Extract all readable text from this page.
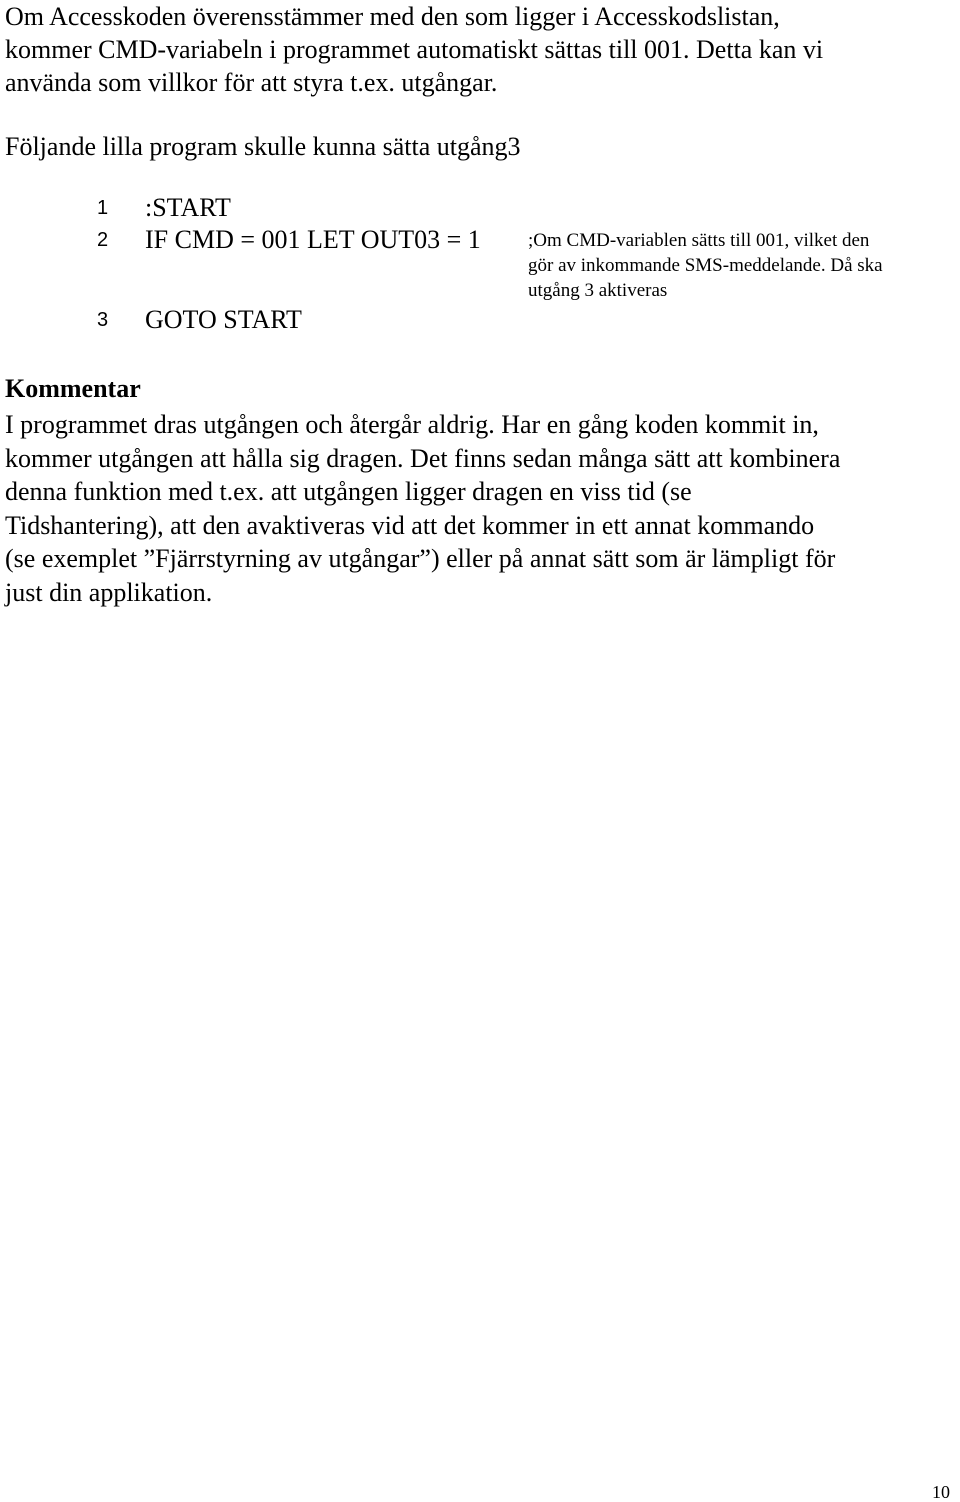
Om Accesskoden överensstämmer med den som ligger i Accesskodslistan,
kommer CMD-variabeln i programmet automatiskt sättas till 001. Detta kan vi
använda som villkor för att styra t.ex. utgångar.

Följande lilla program skulle kunna sätta utgång3

1 :START
2 IF CMD = 001 LET OUT03 = 1
3 GOTO START
;Om CMD-variablen sätts till 001, vilket den
gör av inkommande SMS-meddelande. Då ska
utgång 3 aktiveras
Kommentar
I programmet dras utgången och återgår aldrig. Har en gång koden kommit in,
kommer utgången att hålla sig dragen. Det finns sedan många sätt att kombinera
denna funktion med t.ex. att utgången ligger dragen en viss tid (se
Tidshantering), att den avaktiveras vid att det kommer in ett annat kommando
(se exemplet ”Fjärrstyrning av utgångar”) eller på annat sätt som är lämpligt för
just din applikation.

10
